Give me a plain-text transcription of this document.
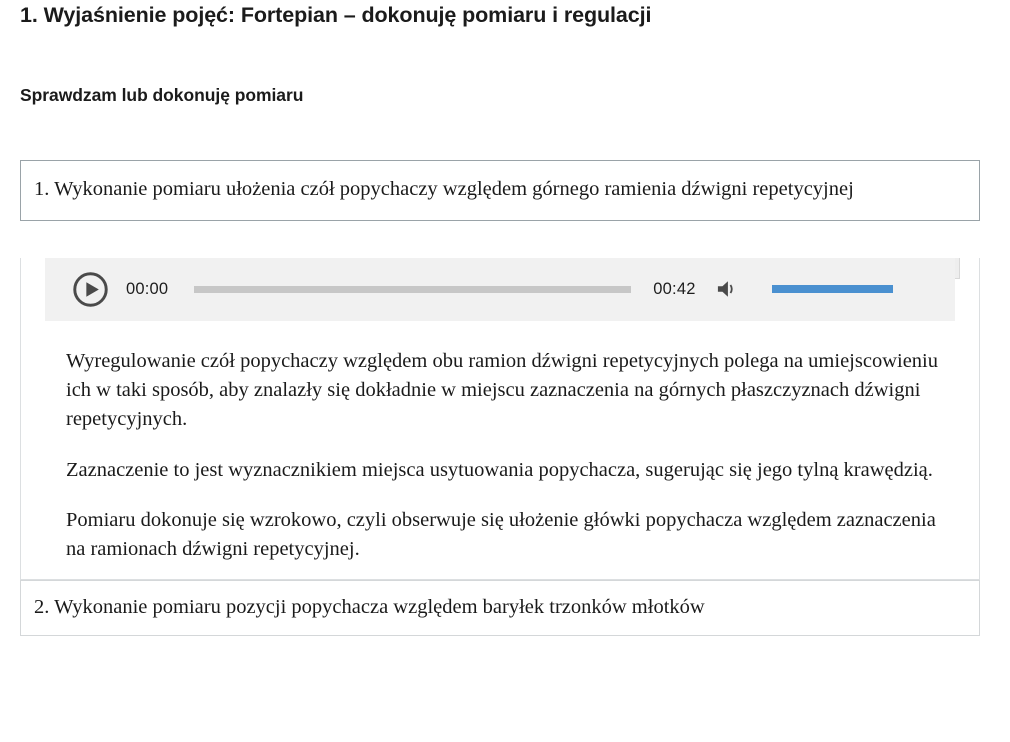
1. Wyjaśnienie pojęć: Fortepian – dokonuję pomiaru i regulacji
Sprawdzam lub dokonuję pomiaru
1. Wykonanie pomiaru ułożenia czół popychaczy względem górnego ramienia dźwigni repetycyjnej
00:00	00:42

Wyregulowanie czół popychaczy względem obu ramion dźwigni repetycyjnych polega na umiejscowieniu ich w taki sposób, aby znalazły się dokładnie w miejscu zaznaczenia na górnych płaszczyznach dźwigni repetycyjnych.

Zaznaczenie to jest wyznacznikiem miejsca usytuowania popychacza, sugerując się jego tylną krawędzią.

Pomiaru dokonuje się wzrokowo, czyli obserwuje się ułożenie główki popychacza względem zaznaczenia na ramionach dźwigni repetycyjnej.

2. Wykonanie pomiaru pozycji popychacza względem baryłek trzonków młotków
